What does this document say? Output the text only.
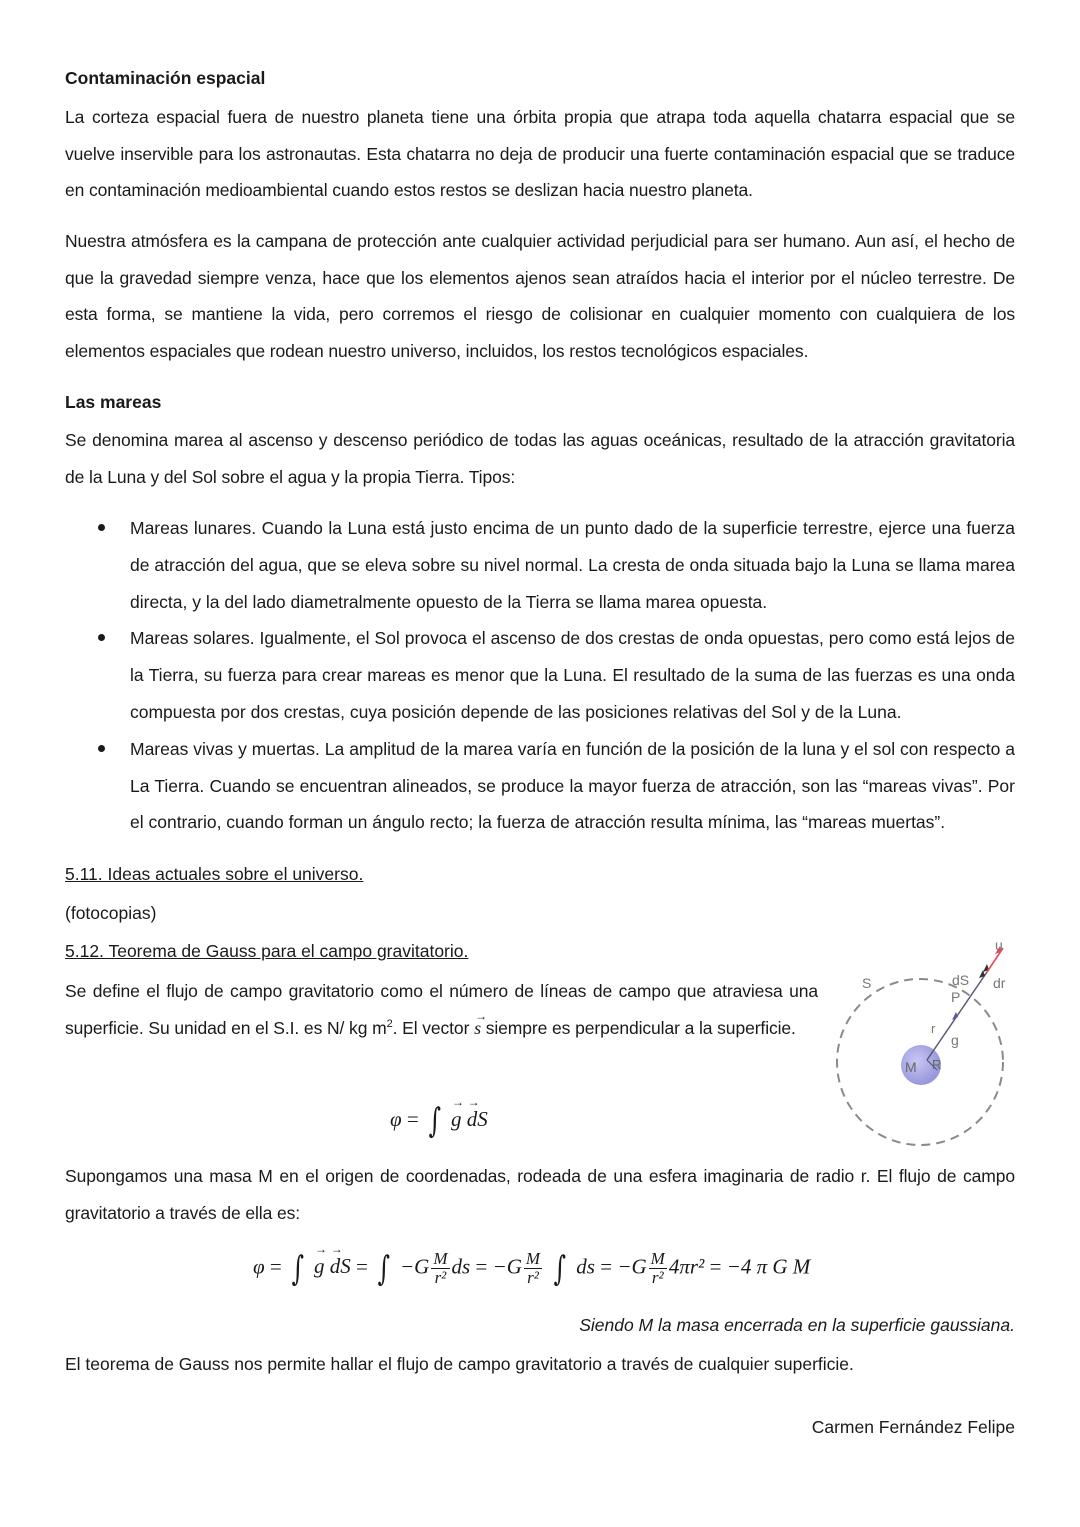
Contaminación espacial
La corteza espacial fuera de nuestro planeta tiene una órbita propia que atrapa toda aquella chatarra espacial que se vuelve inservible para los astronautas. Esta chatarra no deja de producir una fuerte contaminación espacial que se traduce en contaminación medioambiental cuando estos restos se deslizan hacia nuestro planeta.
Nuestra atmósfera es la campana de protección ante cualquier actividad perjudicial para ser humano. Aun así, el hecho de que la gravedad siempre venza, hace que los elementos ajenos sean atraídos hacia el interior por el núcleo terrestre. De esta forma, se mantiene la vida, pero corremos el riesgo de colisionar en cualquier momento con cualquiera de los elementos espaciales que rodean nuestro universo, incluidos, los restos tecnológicos espaciales.
Las mareas
Se denomina marea al ascenso y descenso periódico de todas las aguas oceánicas, resultado de la atracción gravitatoria de la Luna y del Sol sobre el agua y la propia Tierra. Tipos:
Mareas lunares. Cuando la Luna está justo encima de un punto dado de la superficie terrestre, ejerce una fuerza de atracción del agua, que se eleva sobre su nivel normal. La cresta de onda situada bajo la Luna se llama marea directa, y la del lado diametralmente opuesto de la Tierra se llama marea opuesta.
Mareas solares. Igualmente, el Sol provoca el ascenso de dos crestas de onda opuestas, pero como está lejos de la Tierra, su fuerza para crear mareas es menor que la Luna. El resultado de la suma de las fuerzas es una onda compuesta por dos crestas, cuya posición depende de las posiciones relativas del Sol y de la Luna.
Mareas vivas y muertas. La amplitud de la marea varía en función de la posición de la luna y el sol con respecto a La Tierra. Cuando se encuentran alineados, se produce la mayor fuerza de atracción, son las “mareas vivas”. Por el contrario, cuando forman un ángulo recto; la fuerza de atracción resulta mínima, las “mareas muertas”.
5.11. Ideas actuales sobre el universo.
(fotocopias)
5.12. Teorema de Gauss para el campo gravitatorio.
Se define el flujo de campo gravitatorio como el número de líneas de campo que atraviesa una superficie. Su unidad en el S.I. es N/ kg $m^2$. El vector → s siempre es perpendicular a la superficie.
φ = ∫ → g → dS
Supongamos una masa M en el origen de coordenadas, rodeada de una esfera imaginaria de radio r. El flujo de campo gravitatorio a través de ella es:
φ = ∫ → g → dS = ∫ $-G \frac{M}{\text{r²}}$ ds = $-G \frac{M}{\text{r²}}$ ∫ ds = $-G \frac{M}{\text{r²}} 4\pi r^2 = -4$ π G M
Siendo M la masa encerrada en la superficie gaussiana.
El teorema de Gauss nos permite hallar el flujo de campo gravitatorio a través de cualquier superficie.
Carmen Fernández Felipe
S	dS dr
u
P
r
g
M R
